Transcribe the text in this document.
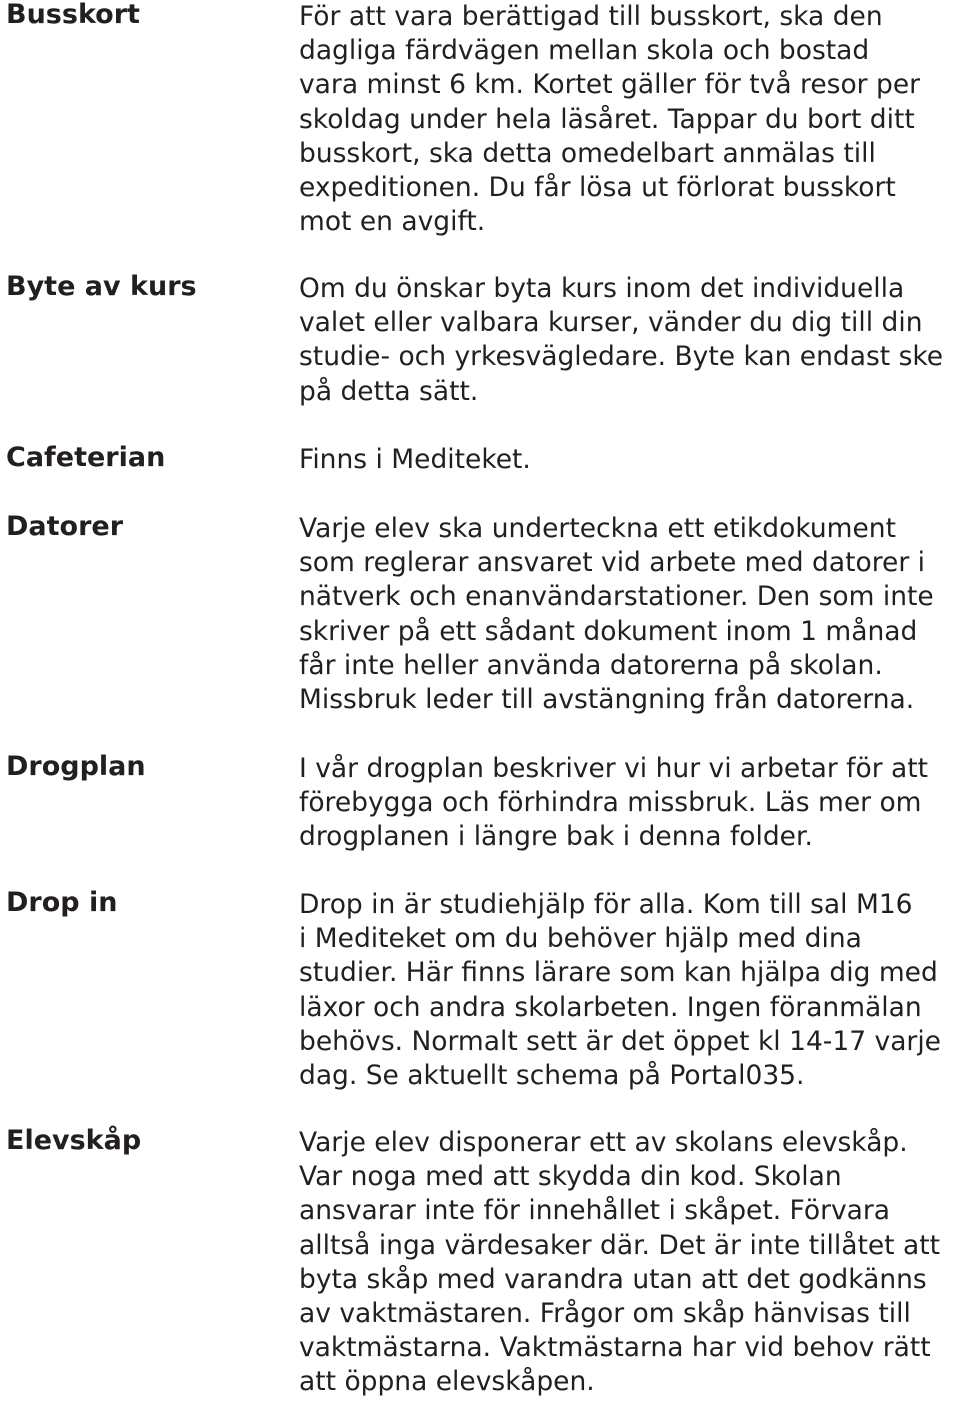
Busskort	För att vara berättigad till busskort, ska den
dagliga färdvägen mellan skola och bostad
vara minst 6 km. Kortet gäller för två resor per
skoldag under hela läsåret. Tappar du bort ditt
busskort, ska detta omedelbart anmälas till
expeditionen. Du får lösa ut förlorat busskort
mot en avgift.

Byte av kurs	Om du önskar byta kurs inom det individuella
valet eller valbara kurser, vänder du dig till din
studie- och yrkesvägledare. Byte kan endast ske
på detta sätt.

Cafeterian	Finns i Mediteket.

Datorer	Varje elev ska underteckna ett etikdokument
som reglerar ansvaret vid arbete med datorer i
nätverk och enanvändarstationer. Den som inte
skriver på ett sådant dokument inom 1 månad
får inte heller använda datorerna på skolan.
Missbruk leder till avstängning från datorerna.

Drogplan	I vår drogplan beskriver vi hur vi arbetar för att
förebygga och förhindra missbruk. Läs mer om
drogplanen i längre bak i denna folder.

Drop in	Drop in är studiehjälp för alla. Kom till sal M16
i Mediteket om du behöver hjälp med dina
studier. Här finns lärare som kan hjälpa dig med
läxor och andra skolarbeten. Ingen föranmälan
behövs. Normalt sett är det öppet kl 14-17 varje
dag. Se aktuellt schema på Portal035.

Elevskåp	Varje elev disponerar ett av skolans elevskåp.
Var noga med att skydda din kod. Skolan
ansvarar inte för innehållet i skåpet. Förvara
alltså inga värdesaker där. Det är inte tillåtet att
byta skåp med varandra utan att det godkänns
av vaktmästaren. Frågor om skåp hänvisas till
vaktmästarna. Vaktmästarna har vid behov rätt
att öppna elevskåpen.
